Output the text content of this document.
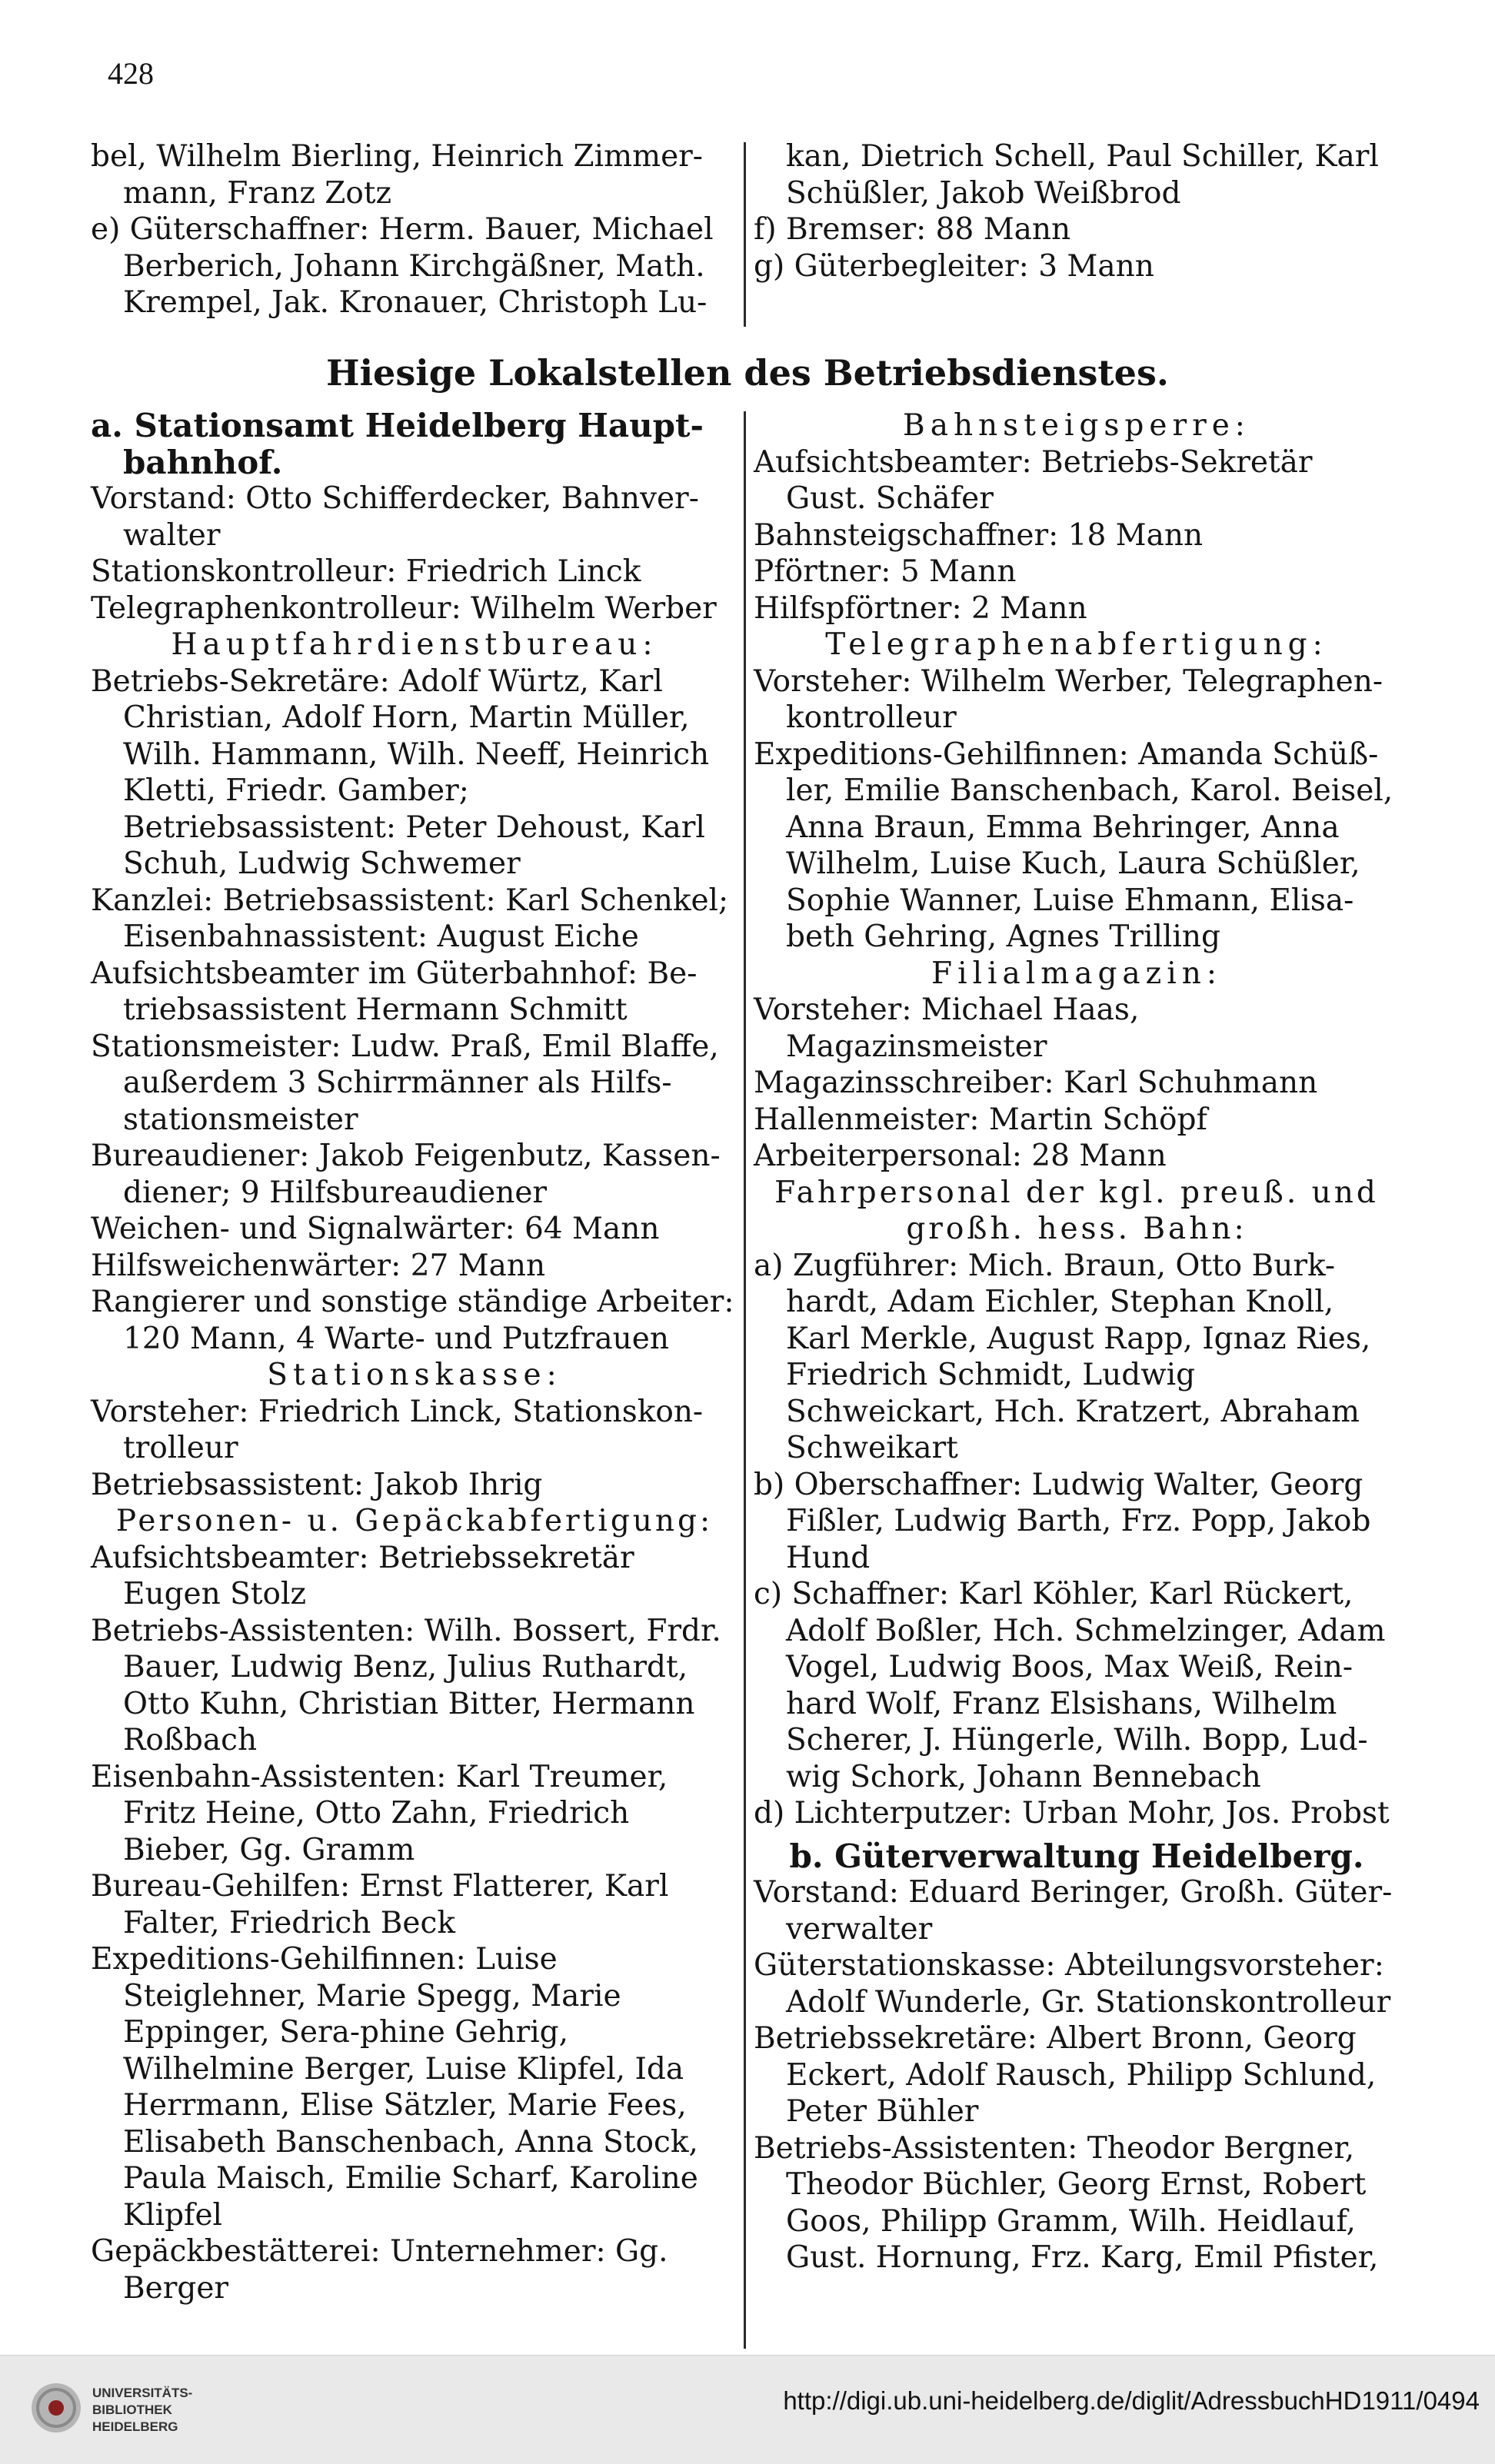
428

bel, Wilhelm Bierling, Heinrich Zimmer-

mann, Franz Zotz

e) Güterschaffner: Herm. Bauer, Michael

Berberich, Johann Kirchgäßner, Math.

Krempel, Jak. Kronauer, Christoph Lu-

kan, Dietrich Schell, Paul Schiller, Karl

Schüßler, Jakob Weißbrod

f) Bremser: 88 Mann

g) Güterbegleiter: 3 Mann

Hiesige Lokalstellen des Betriebsdienstes.

a. Stationsamt Heidelberg Haupt-bahnhof.

Vorstand: Otto Schifferdecker, Bahnver-walter

Stationskontrolleur: Friedrich Linck

Telegraphenkontrolleur: Wilhelm Werber

Hauptfahrdienstbureau:

Betriebs-Sekretäre: Adolf Würtz, Karl Christian, Adolf Horn, Martin Müller, Wilh. Hammann, Wilh. Neeff, Heinrich Kletti, Friedr. Gamber; Betriebsassistent: Peter Dehoust, Karl Schuh, Ludwig Schwemer

Kanzlei: Betriebsassistent: Karl Schenkel; Eisenbahnassistent: August Eiche

Aufsichtsbeamter im Güterbahnhof: Be-triebsassistent Hermann Schmitt

Stationsmeister: Ludw. Praß, Emil Blaffe, außerdem 3 Schirrmänner als Hilfs-stationsmeister

Bureaudiener: Jakob Feigenbutz, Kassen-diener; 9 Hilfsbureaudiener

Weichen- und Signalwärter: 64 Mann

Hilfsweichenwärter: 27 Mann

Rangierer und sonstige ständige Arbeiter: 120 Mann, 4 Warte- und Putzfrauen

Stationskasse:

Vorsteher: Friedrich Linck, Stationskon-trolleur

Betriebsassistent: Jakob Ihrig

Personen- u. Gepäckabfertigung:

Aufsichtsbeamter: Betriebssekretär Eugen Stolz

Betriebs-Assistenten: Wilh. Bossert, Frdr. Bauer, Ludwig Benz, Julius Ruthardt, Otto Kuhn, Christian Bitter, Hermann Roßbach

Eisenbahn-Assistenten: Karl Treumer, Fritz Heine, Otto Zahn, Friedrich Bieber, Gg. Gramm

Bureau-Gehilfen: Ernst Flatterer, Karl Falter, Friedrich Beck

Expeditions-Gehilfinnen: Luise Steiglehner, Marie Spegg, Marie Eppinger, Sera-phine Gehrig, Wilhelmine Berger, Luise Klipfel, Ida Herrmann, Elise Sätzler, Marie Fees, Elisabeth Banschenbach, Anna Stock, Paula Maisch, Emilie Scharf, Karoline Klipfel

Gepäckbestätterei: Unternehmer: Gg. Berger

Bahnsteigsperre:

Aufsichtsbeamter: Betriebs-Sekretär Gust. Schäfer

Bahnsteigschaffner: 18 Mann

Pförtner: 5 Mann

Hilfspförtner: 2 Mann

Telegraphenabfertigung:

Vorsteher: Wilhelm Werber, Telegraphen-kontrolleur

Expeditions-Gehilfinnen: Amanda Schüß-ler, Emilie Banschenbach, Karol. Beisel, Anna Braun, Emma Behringer, Anna Wilhelm, Luise Kuch, Laura Schüßler, Sophie Wanner, Luise Ehmann, Elisa-beth Gehring, Agnes Trilling

Filialmagazin:

Vorsteher: Michael Haas, Magazinsmeister

Magazinsschreiber: Karl Schuhmann

Hallenmeister: Martin Schöpf

Arbeiterpersonal: 28 Mann

Fahrpersonal der kgl. preuß. und großh. hess. Bahn:

a) Zugführer: Mich. Braun, Otto Burk-hardt, Adam Eichler, Stephan Knoll, Karl Merkle, August Rapp, Ignaz Ries, Friedrich Schmidt, Ludwig Schweickart, Hch. Kratzert, Abraham Schweikart

b) Oberschaffner: Ludwig Walter, Georg Fißler, Ludwig Barth, Frz. Popp, Jakob Hund

c) Schaffner: Karl Köhler, Karl Rückert, Adolf Boßler, Hch. Schmelzinger, Adam Vogel, Ludwig Boos, Max Weiß, Rein-hard Wolf, Franz Elsishans, Wilhelm Scherer, J. Hüngerle, Wilh. Bopp, Lud-wig Schork, Johann Bennebach

d) Lichterputzer: Urban Mohr, Jos. Probst

b. Güterverwaltung Heidelberg.

Vorstand: Eduard Beringer, Großh. Güter-verwalter

Güterstationskasse: Abteilungsvorsteher: Adolf Wunderle, Gr. Stationskontrolleur

Betriebssekretäre: Albert Bronn, Georg Eckert, Adolf Rausch, Philipp Schlund, Peter Bühler

Betriebs-Assistenten: Theodor Bergner, Theodor Büchler, Georg Ernst, Robert Goos, Philipp Gramm, Wilh. Heidlauf, Gust. Hornung, Frz. Karg, Emil Pfister,

UNIVERSITÄTS-
BIBLIOTHEK
HEIDELBERG
http://digi.ub.uni-heidelberg.de/diglit/AdressbuchHD1911/0494
